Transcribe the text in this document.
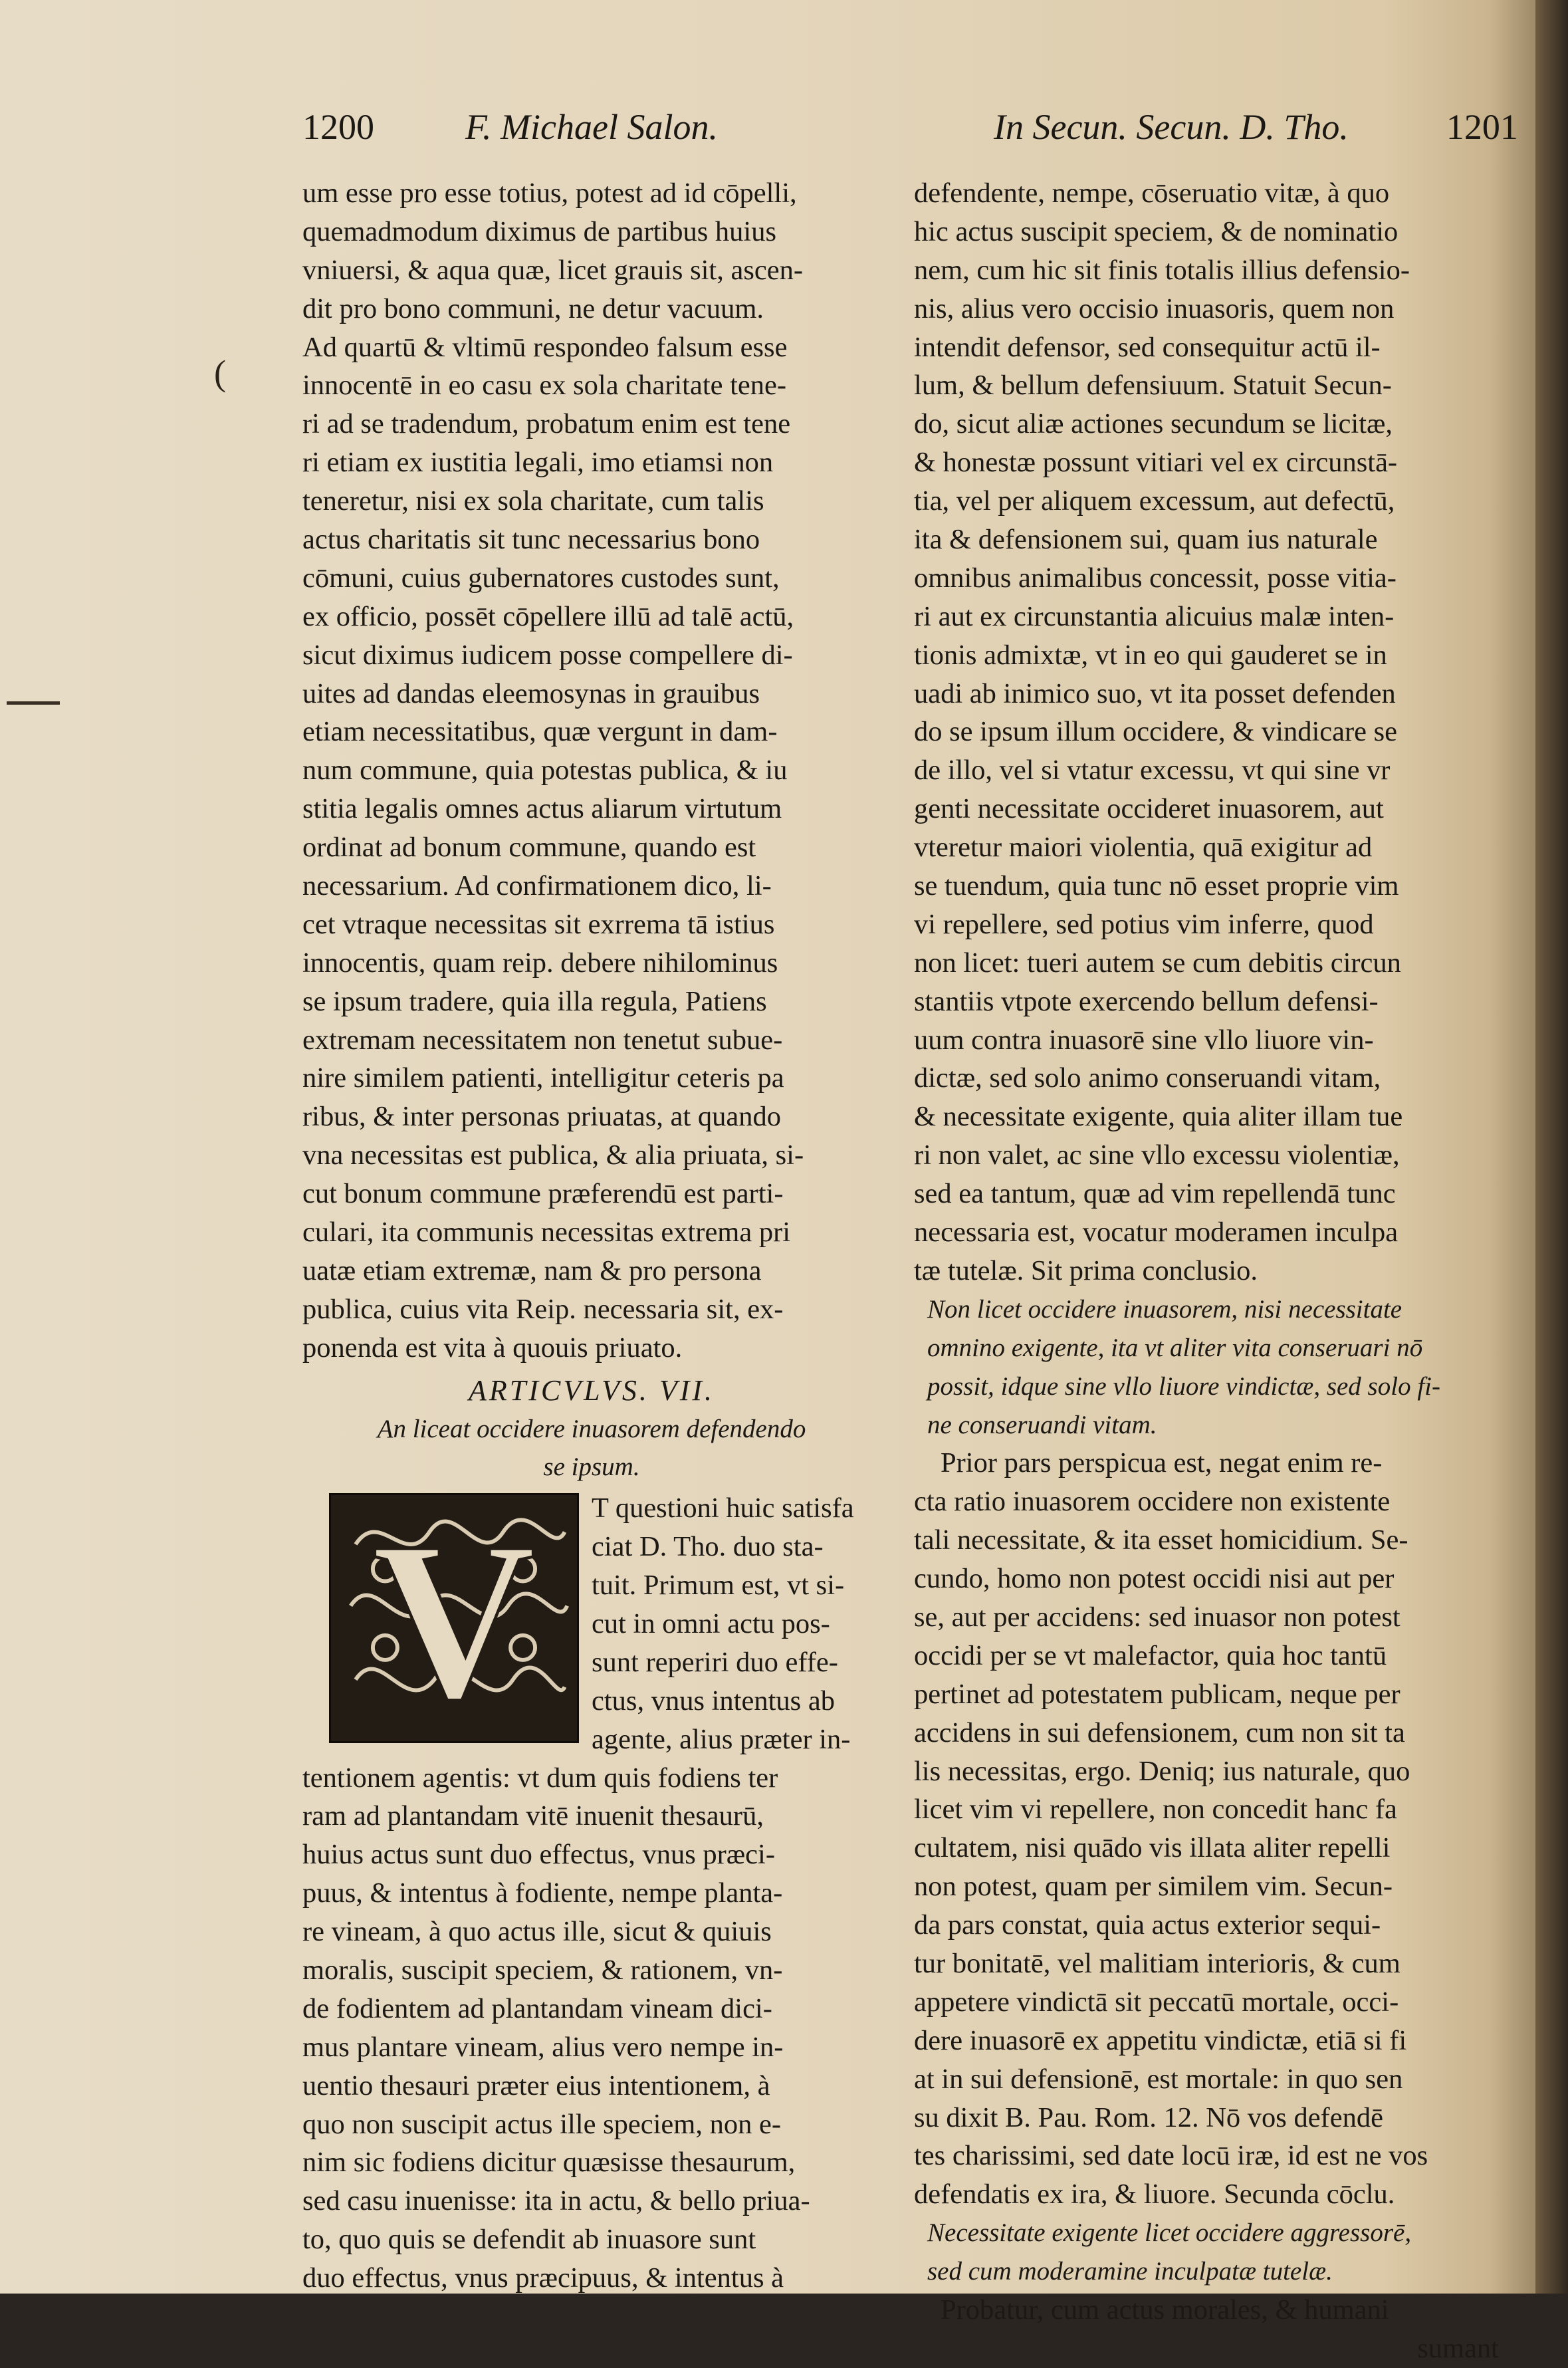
1200	F. Michael Salon.	In Secun. Secun. D. Tho.	1201
um esse pro esse totius, potest ad id cōpelli,
quemadmodum diximus de partibus huius
vniuersi, & aqua quæ, licet grauis sit, ascen-
dit pro bono communi, ne detur vacuum.
Ad quartū & vltimū respondeo falsum esse
innocentē in eo casu ex sola charitate tene-
ri ad se tradendum, probatum enim est tene
ri etiam ex iustitia legali, imo etiamsi non
teneretur, nisi ex sola charitate, cum talis
actus charitatis sit tunc necessarius bono
cōmuni, cuius gubernatores custodes sunt,
ex officio, possēt cōpellere illū ad talē actū,
sicut diximus iudicem posse compellere di-
uites ad dandas eleemosynas in grauibus
etiam necessitatibus, quæ vergunt in dam-
num commune, quia potestas publica, & iu
stitia legalis omnes actus aliarum virtutum
ordinat ad bonum commune, quando est
necessarium. Ad confirmationem dico, li-
cet vtraque necessitas sit exrrema tā istius
innocentis, quam reip. debere nihilominus
se ipsum tradere, quia illa regula, Patiens
extremam necessitatem non tenetut subue-
nire similem patienti, intelligitur ceteris pa
ribus, & inter personas priuatas, at quando
vna necessitas est publica, & alia priuata, si-
cut bonum commune præferendū est parti-
culari, ita communis necessitas extrema pri
uatæ etiam extremæ, nam & pro persona
publica, cuius vita Reip. necessaria sit, ex-
ponenda est vita à quouis priuato.
ARTICVLVS. VII.
An liceat occidere inuasorem defendendo
se ipsum.
V	T questioni huic satisfa
ciat D. Tho. duo sta-
tuit. Primum est, vt si-
cut in omni actu pos-
sunt reperiri duo effe-
ctus, vnus intentus ab
agente, alius præter in-
tentionem agentis: vt dum quis fodiens ter
ram ad plantandam vitē inuenit thesaurū,
huius actus sunt duo effectus, vnus præci-
puus, & intentus à fodiente, nempe planta-
re vineam, à quo actus ille, sicut & quiuis
moralis, suscipit speciem, & rationem, vn-
de fodientem ad plantandam vineam dici-
mus plantare vineam, alius vero nempe in-
uentio thesauri præter eius intentionem, à
quo non suscipit actus ille speciem, non e-
nim sic fodiens dicitur quæsisse thesaurum,
sed casu inuenisse: ita in actu, & bello priua-
to, quo quis se defendit ab inuasore sunt
duo effectus, vnus præcipuus, & intentus à
defendente, nempe, cōseruatio vitæ, à quo
hic actus suscipit speciem, & de nominatio
nem, cum hic sit finis totalis illius defensio-
nis, alius vero occisio inuasoris, quem non
intendit defensor, sed consequitur actū il-
lum, & bellum defensiuum. Statuit Secun-
do, sicut aliæ actiones secundum se licitæ,
& honestæ possunt vitiari vel ex circunstā-
tia, vel per aliquem excessum, aut defectū,
ita & defensionem sui, quam ius naturale
omnibus animalibus concessit, posse vitia-
ri aut ex circunstantia alicuius malæ inten-
tionis admixtæ, vt in eo qui gauderet se in
uadi ab inimico suo, vt ita posset defenden
do se ipsum illum occidere, & vindicare se
de illo, vel si vtatur excessu, vt qui sine vr
genti necessitate occideret inuasorem, aut
vteretur maiori violentia, quā exigitur ad
se tuendum, quia tunc nō esset proprie vim
vi repellere, sed potius vim inferre, quod
non licet: tueri autem se cum debitis circun
stantiis vtpote exercendo bellum defensi-
uum contra inuasorē sine vllo liuore vin-
dictæ, sed solo animo conseruandi vitam,
& necessitate exigente, quia aliter illam tue
ri non valet, ac sine vllo excessu violentiæ,
sed ea tantum, quæ ad vim repellendā tunc
necessaria est, vocatur moderamen inculpa
tæ tutelæ. Sit prima conclusio.
Non licet occidere inuasorem, nisi necessitate
omnino exigente, ita vt aliter vita conseruari nō
possit, idque sine vllo liuore vindictæ, sed solo fi-
ne conseruandi vitam.
Prior pars perspicua est, negat enim re-
cta ratio inuasorem occidere non existente
tali necessitate, & ita esset homicidium. Se-
cundo, homo non potest occidi nisi aut per
se, aut per accidens: sed inuasor non potest
occidi per se vt malefactor, quia hoc tantū
pertinet ad potestatem publicam, neque per
accidens in sui defensionem, cum non sit ta
lis necessitas, ergo. Deniq; ius naturale, quo
licet vim vi repellere, non concedit hanc fa
cultatem, nisi quādo vis illata aliter repelli
non potest, quam per similem vim. Secun-
da pars constat, quia actus exterior sequi-
tur bonitatē, vel malitiam interioris, & cum
appetere vindictā sit peccatū mortale, occi-
dere inuasorē ex appetitu vindictæ, etiā si fi
at in sui defensionē, est mortale: in quo sen
su dixit B. Pau. Rom. 12. Nō vos defendē
tes charissimi, sed date locū iræ, id est ne vos
defendatis ex ira, & liuore. Secunda cōclu.
Necessitate exigente licet occidere aggressorē,
sed cum moderamine inculpatæ tutelæ.
Probatur, cum actus morales, & humani
sumant
(
